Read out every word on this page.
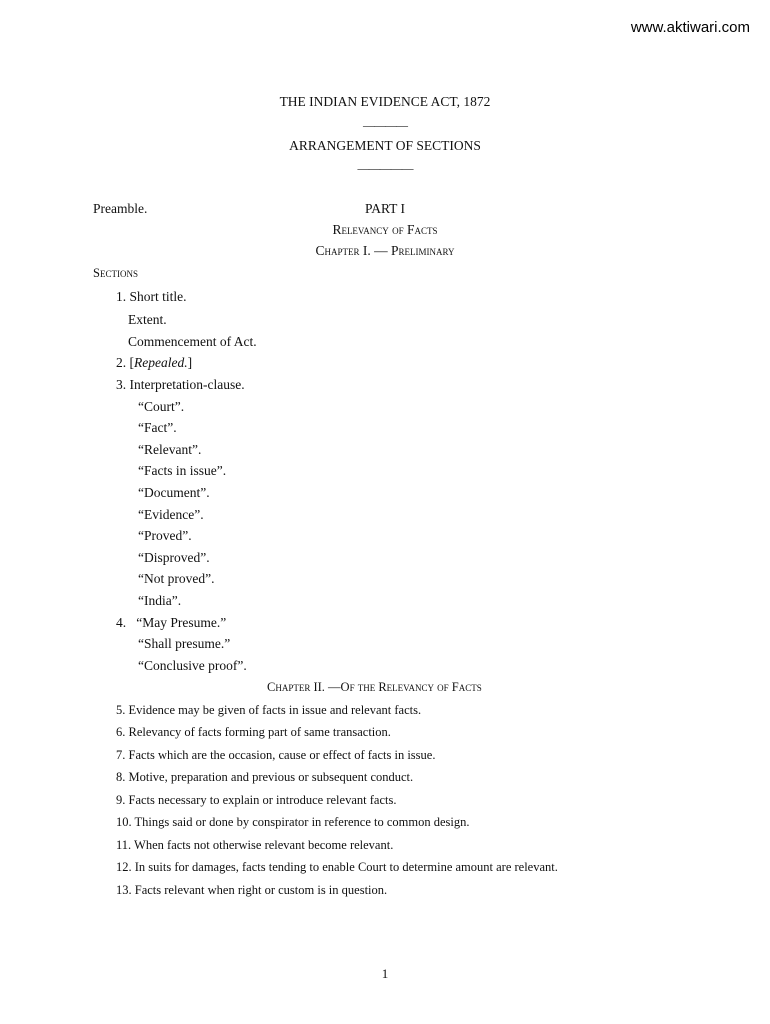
www.aktiwari.com
THE INDIAN EVIDENCE ACT, 1872
————
ARRANGEMENT OF SECTIONS
—————
Preamble.	PART I
Relevancy of Facts
Chapter I. — Preliminary
Sections
1. Short title.
Extent.
Commencement of Act.
2. [Repealed.]
3. Interpretation-clause.
“Court”.
“Fact”.
“Relevant”.
“Facts in issue”.
“Document”.
“Evidence”.
“Proved”.
“Disproved”.
“Not proved”.
“India”.
4.   “May Presume.”
“Shall presume.”
“Conclusive proof”.
Chapter II. —Of the Relevancy of Facts
5. Evidence may be given of facts in issue and relevant facts.
6. Relevancy of facts forming part of same transaction.
7. Facts which are the occasion, cause or effect of facts in issue.
8. Motive, preparation and previous or subsequent conduct.
9. Facts necessary to explain or introduce relevant facts.
10. Things said or done by conspirator in reference to common design.
11. When facts not otherwise relevant become relevant.
12. In suits for damages, facts tending to enable Court to determine amount are relevant.
13. Facts relevant when right or custom is in question.
1
